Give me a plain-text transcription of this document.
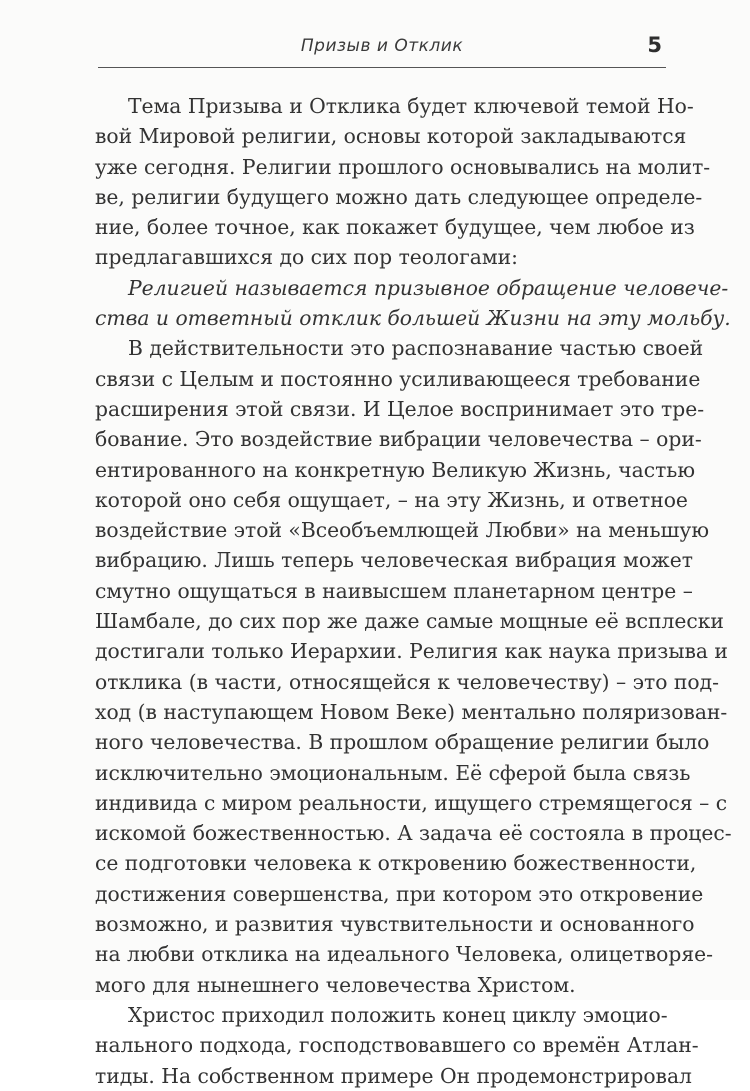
Призыв и Отклик	5
Тема Призыва и Отклика будет ключевой темой Но-
вой Мировой религии, основы которой закладываются
уже сегодня. Религии прошлого основывались на молит-
ве, религии будущего можно дать следующее определе-
ние, более точное, как покажет будущее, чем любое из
предлагавшихся до сих пор теологами:
Религией называется призывное обращение человече-
ства и ответный отклик большей Жизни на эту мольбу.
В действительности это распознавание частью своей
связи с Целым и постоянно усиливающееся требование
расширения этой связи. И Целое воспринимает это тре-
бование. Это воздействие вибрации человечества – ори-
ентированного на конкретную Великую Жизнь, частью
которой оно себя ощущает, – на эту Жизнь, и ответное
воздействие этой «Всеобъемлющей Любви» на меньшую
вибрацию. Лишь теперь человеческая вибрация может
смутно ощущаться в наивысшем планетарном центре –
Шамбале, до сих пор же даже самые мощные её всплески
достигали только Иерархии. Религия как наука призыва и
отклика (в части, относящейся к человечеству) – это под-
ход (в наступающем Новом Веке) ментально поляризован-
ного человечества. В прошлом обращение религии было
исключительно эмоциональным. Её сферой была связь
индивида с миром реальности, ищущего стремящегося – с
искомой божественностью. А задача её состояла в процес-
се подготовки человека к откровению божественности,
достижения совершенства, при котором это откровение
возможно, и развития чувствительности и основанного
на любви отклика на идеального Человека, олицетворяе-
мого для нынешнего человечества Христом.
Христос приходил положить конец циклу эмоцио-
нального подхода, господствовавшего со времён Атлан-
тиды. На собственном примере Он продемонстрировал
